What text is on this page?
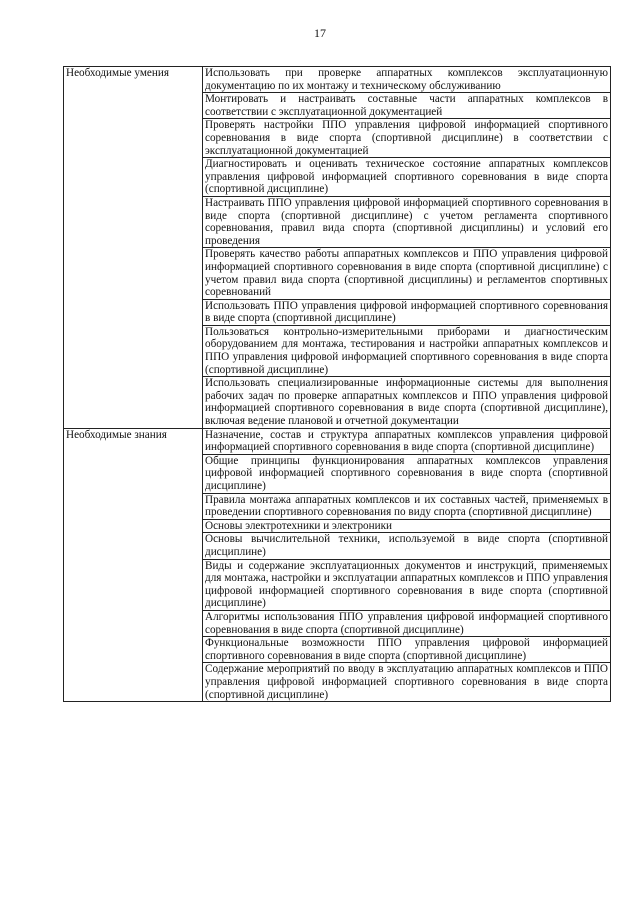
17
Необходимые умения	Использовать при проверке аппаратных комплексов эксплуатационную документацию по их монтажу и техническому обслуживанию
	Монтировать и настраивать составные части аппаратных комплексов в соответствии с эксплуатационной документацией
	Проверять настройки ППО управления цифровой информацией спортивного соревнования в виде спорта (спортивной дисциплине) в соответствии с эксплуатационной документацией
	Диагностировать и оценивать техническое состояние аппаратных комплексов управления цифровой информацией спортивного соревнования в виде спорта (спортивной дисциплине)
	Настраивать ППО управления цифровой информацией спортивного соревнования в виде спорта (спортивной дисциплине) с учетом регламента спортивного соревнования, правил вида спорта (спортивной дисциплины) и условий его проведения
	Проверять качество работы аппаратных комплексов и ППО управления цифровой информацией спортивного соревнования в виде спорта (спортивной дисциплине) с учетом правил вида спорта (спортивной дисциплины) и регламентов спортивных соревнований
	Использовать ППО управления цифровой информацией спортивного соревнования в виде спорта (спортивной дисциплине)
	Пользоваться контрольно-измерительными приборами и диагностическим оборудованием для монтажа, тестирования и настройки аппаратных комплексов и ППО управления цифровой информацией спортивного соревнования в виде спорта (спортивной дисциплине)
	Использовать специализированные информационные системы для выполнения рабочих задач по проверке аппаратных комплексов и ППО управления цифровой информацией спортивного соревнования в виде спорта (спортивной дисциплине), включая ведение плановой и отчетной документации
Необходимые знания	Назначение, состав и структура аппаратных комплексов управления цифровой информацией спортивного соревнования в виде спорта (спортивной дисциплине)
	Общие принципы функционирования аппаратных комплексов управления цифровой информацией спортивного соревнования в виде спорта (спортивной дисциплине)
	Правила монтажа аппаратных комплексов и их составных частей, применяемых в проведении спортивного соревнования по виду спорта (спортивной дисциплине)
	Основы электротехники и электроники
	Основы вычислительной техники, используемой в виде спорта (спортивной дисциплине)
	Виды и содержание эксплуатационных документов и инструкций, применяемых для монтажа, настройки и эксплуатации аппаратных комплексов и ППО управления цифровой информацией спортивного соревнования в виде спорта (спортивной дисциплине)
	Алгоритмы использования ППО управления цифровой информацией спортивного соревнования в виде спорта (спортивной дисциплине)
	Функциональные возможности ППО управления цифровой информацией спортивного соревнования в виде спорта (спортивной дисциплине)
	Содержание мероприятий по вводу в эксплуатацию аппаратных комплексов и ППО управления цифровой информацией спортивного соревнования в виде спорта (спортивной дисциплине)
